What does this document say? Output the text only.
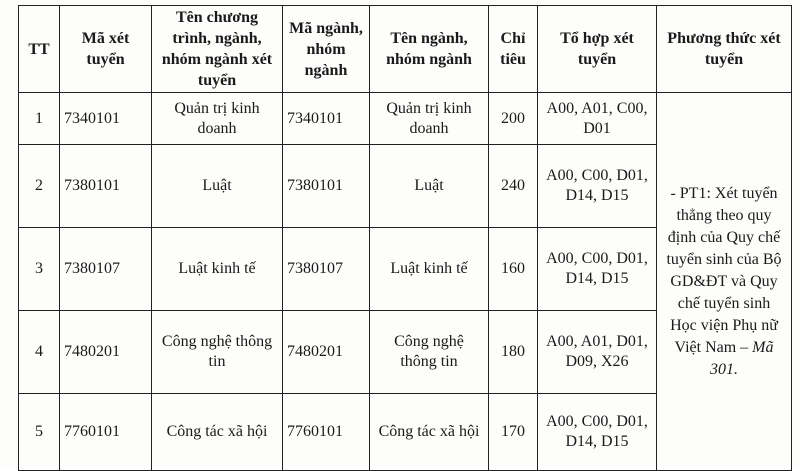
TT	Mã xét tuyển	Tên chương trình, ngành, nhóm ngành xét tuyển	Mã ngành, nhóm ngành	Tên ngành, nhóm ngành	Chỉ tiêu	Tổ hợp xét tuyển	Phương thức xét tuyển
1	7340101	Quản trị kinh doanh	7340101	Quản trị kinh doanh	200	A00, A01, C00, D01	- PT1: Xét tuyển thẳng theo quy định của Quy chế tuyển sinh của Bộ GD&ĐT và Quy chế tuyển sinh Học viện Phụ nữ Việt Nam – Mã 301.
2	7380101	Luật	7380101	Luật	240	A00, C00, D01, D14, D15	
3	7380107	Luật kinh tế	7380107	Luật kinh tế	160	A00, C00, D01, D14, D15	
4	7480201	Công nghệ thông tin	7480201	Công nghệ thông tin	180	A00, A01, D01, D09, X26	
5	7760101	Công tác xã hội	7760101	Công tác xã hội	170	A00, C00, D01, D14, D15	
